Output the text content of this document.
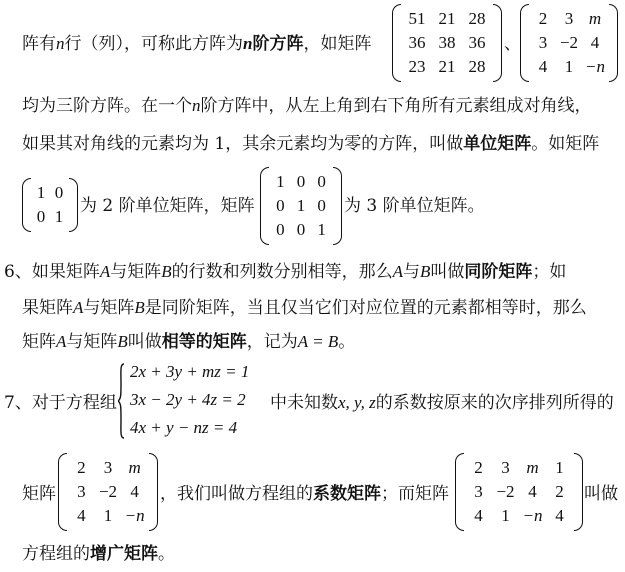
阵有n行（列），可称此方阵为n阶方阵，如矩阵
51 21 28
36 38 36
23 21 28
、
2	3 m
3 −2 4
4	1 −n
均为三阶方阵。在一个n阶方阵中，从左上角到右下角所有元素组成对角线，
如果其对角线的元素均为 1，其余元素均为零的方阵，叫做单位矩阵。如矩阵
1 0
0 1
为 2 阶单位矩阵，矩阵
1 0 0
0 1 0
0 0 1
为 3 阶单位矩阵。
6、如果矩阵A与矩阵B的行数和列数分别相等，那么A与B叫做同阶矩阵；如
果矩阵A与矩阵B是同阶矩阵，当且仅当它们对应位置的元素都相等时，那么
矩阵A与矩阵B叫做相等的矩阵，记为A = B。
7、对于方程组
2x + 3y + mz = 1
3x − 2y + 4z = 2
4x + y − nz = 4
中未知数x, y, z的系数按原来的次序排列所得的
矩阵
2	3 m
3 −2 4
4	1 −n
，我们叫做方程组的系数矩阵；而矩阵
2	3 m 1
3 −2 4	2
4	1 −n 4
叫做
方程组的增广矩阵。
